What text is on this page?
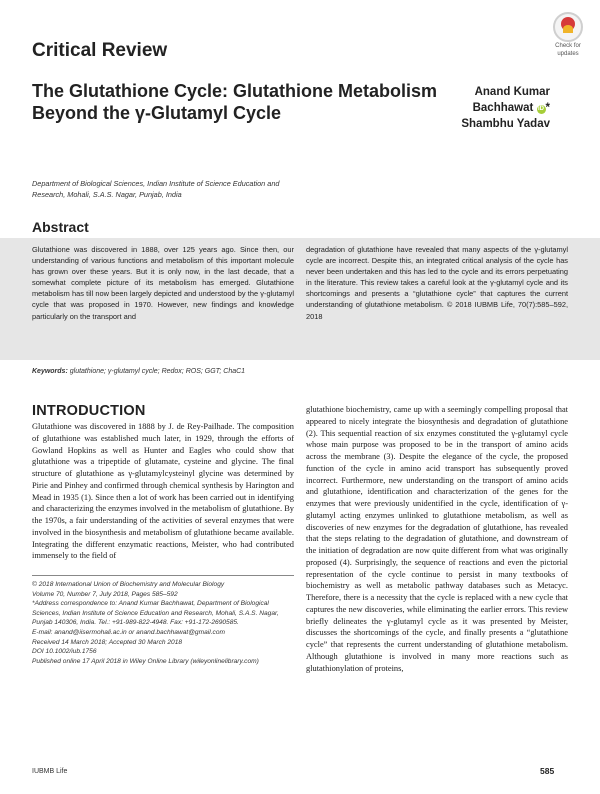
Check for
updates
Critical Review
The Glutathione Cycle: Glutathione Metabolism Beyond the γ-Glutamyl Cycle
Anand Kumar
Bachhawat iD *
Shambhu Yadav
Department of Biological Sciences, Indian Institute of Science Education and Research, Mohali, S.A.S. Nagar, Punjab, India
Abstract
Glutathione was discovered in 1888, over 125 years ago. Since then, our understanding of various functions and metabolism of this important molecule has grown over these years. But it is only now, in the last decade, that a somewhat complete picture of its metabolism has emerged. Glutathione metabolism has till now been largely depicted and understood by the γ-glutamyl cycle that was proposed in 1970. However, new findings and knowledge particularly on the transport and
degradation of glutathione have revealed that many aspects of the γ-glutamyl cycle are incorrect. Despite this, an integrated critical analysis of the cycle has never been undertaken and this has led to the cycle and its errors perpetuating in the literature. This review takes a careful look at the γ-glutamyl cycle and its shortcomings and presents a “glutathione cycle” that captures the current understanding of glutathione metabolism. © 2018 IUBMB Life, 70(7):585–592, 2018
Keywords: glutathione; γ-glutamyl cycle; Redox; ROS; GGT; ChaC1
INTRODUCTION
Glutathione was discovered in 1888 by J. de Rey-Pailhade. The composition of glutathione was established much later, in 1929, through the efforts of Gowland Hopkins as well as Hunter and Eagles who could show that glutathione was a tripeptide of glutamate, cysteine and glycine. The final structure of glutathione as γ-glutamylcysteinyl glycine was determined by Pirie and Pinhey and confirmed through chemical synthesis by Harington and Mead in 1935 (1). Since then a lot of work has been carried out in identifying and characterizing the enzymes involved in the metabolism of glutathione. By the 1970s, a fair understanding of the activities of several enzymes that were involved in the biosynthesis and metabolism of glutathione became available. Integrating the different enzymatic reactions, Meister, who had contributed immensely to the field of
glutathione biochemistry, came up with a seemingly compelling proposal that appeared to nicely integrate the biosynthesis and degradation of glutathione (2). This sequential reaction of six enzymes constituted the γ-glutamyl cycle whose main purpose was proposed to be in the transport of amino acids across the membrane (3). Despite the elegance of the cycle, the proposed function of the cycle in amino acid transport has subsequently proved incorrect. Furthermore, new understanding on the transport of amino acids and glutathione, identification and characterization of the genes for the enzymes that were previously unidentified in the cycle, identification of γ-glutamyl acting enzymes unlinked to glutathione metabolism, as well as discoveries of new enzymes for the degradation of glutathione, has revealed that the steps relating to the degradation of glutathione, and downstream of the initiation of degradation are now quite different from what was originally proposed (4). Surprisingly, the sequence of reactions and even the pictorial representation of the cycle continue to persist in many textbooks of biochemistry as well as metabolic pathway databases such as Metacyc. Therefore, there is a necessity that the cycle is replaced with a new cycle that captures the new discoveries, while eliminating the earlier errors. This review briefly delineates the γ-glutamyl cycle as it was presented by Meister, discusses the shortcomings of the cycle, and finally presents a “glutathione cycle” that represents the current understanding of glutathione metabolism. Although glutathione is involved in many more reactions such as glutathionylation of proteins,
© 2018 International Union of Biochemistry and Molecular Biology
Volume 70, Number 7, July 2018, Pages 585–592
*Address correspondence to: Anand Kumar Bachhawat, Department of Biological Sciences, Indian Institute of Science Education and Research, Mohali, S.A.S. Nagar, Punjab 140306, India. Tel.: +91-989-822-4948. Fax: +91-172-2690585.
E-mail: anand@iisermohali.ac.in or anand.bachhawat@gmail.com
Received 14 March 2018; Accepted 30 March 2018
DOI 10.1002/iub.1756
Published online 17 April 2018 in Wiley Online Library (wileyonlinelibrary.com)
IUBMB Life	585
